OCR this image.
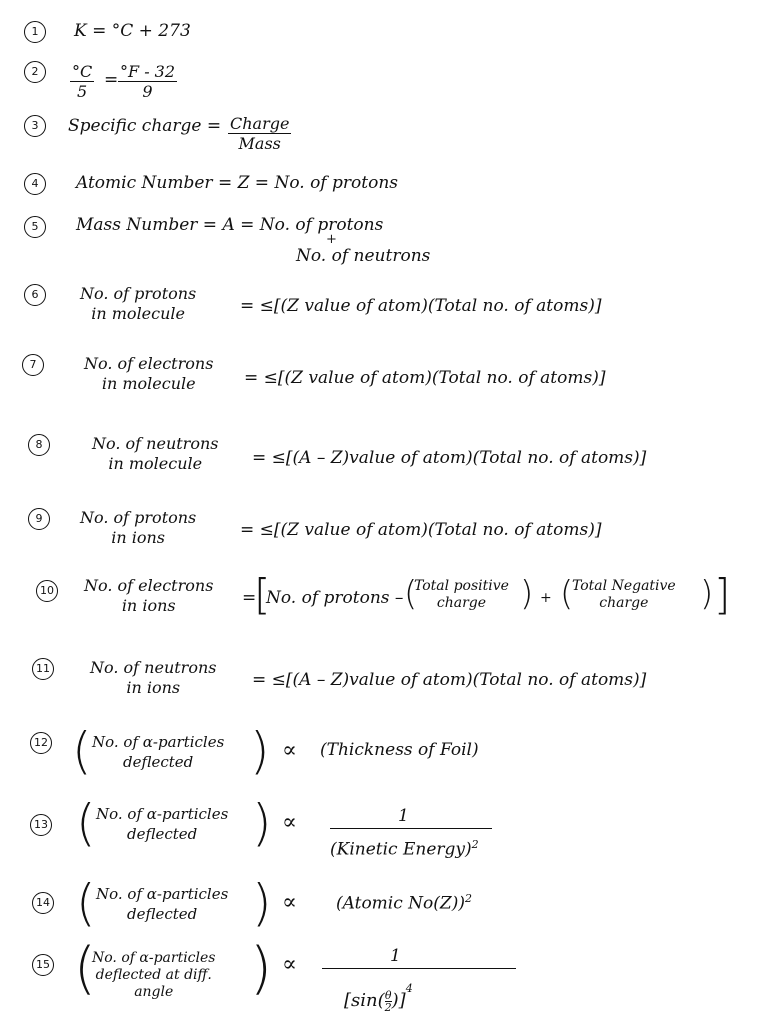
1	K = °C + 273
2	$\frac{^\circ C}{5} = \frac{^\circ F - 32}{9}$
3	Specific charge = Charge
Mass
4	Atomic Number = Z = No. of protons
5	Mass Number = A = No. of protons
+
No. of neutrons
6	No. of protons
in molecule	= ≤[(Z value of atom)(Total no. of atoms)]
7	No. of electrons
in molecule	= ≤[(Z value of atom)(Total no. of atoms)]
8	No. of neutrons
in molecule	= ≤[(A – Z)value of atom)(Total no. of atoms)]
9	No. of protons
in ions	= ≤[(Z value of atom)(Total no. of atoms)]
10 No. of electrons
in ions	=
[
No. of protons – (
Total positive
charge ) + (
Total Negative
charge	) ]
11	No. of neutrons
in ions	= ≤[(A – Z)value of atom)(Total no. of atoms)]
12 ( No. of α-particles
deflected	) ∝ (Thickness of Foil)
13 ( No. of α-particles
deflected	) ∝	1
(Kinetic Energy)$^2$
14 ( No. of α-particles
deflected	) ∝ (Atomic No(Z))$^2$
15 (
No. of α-particles
deflected at diff.
angle	) ∝	1
$[\sin( \frac{\theta}{2} )]^4$
